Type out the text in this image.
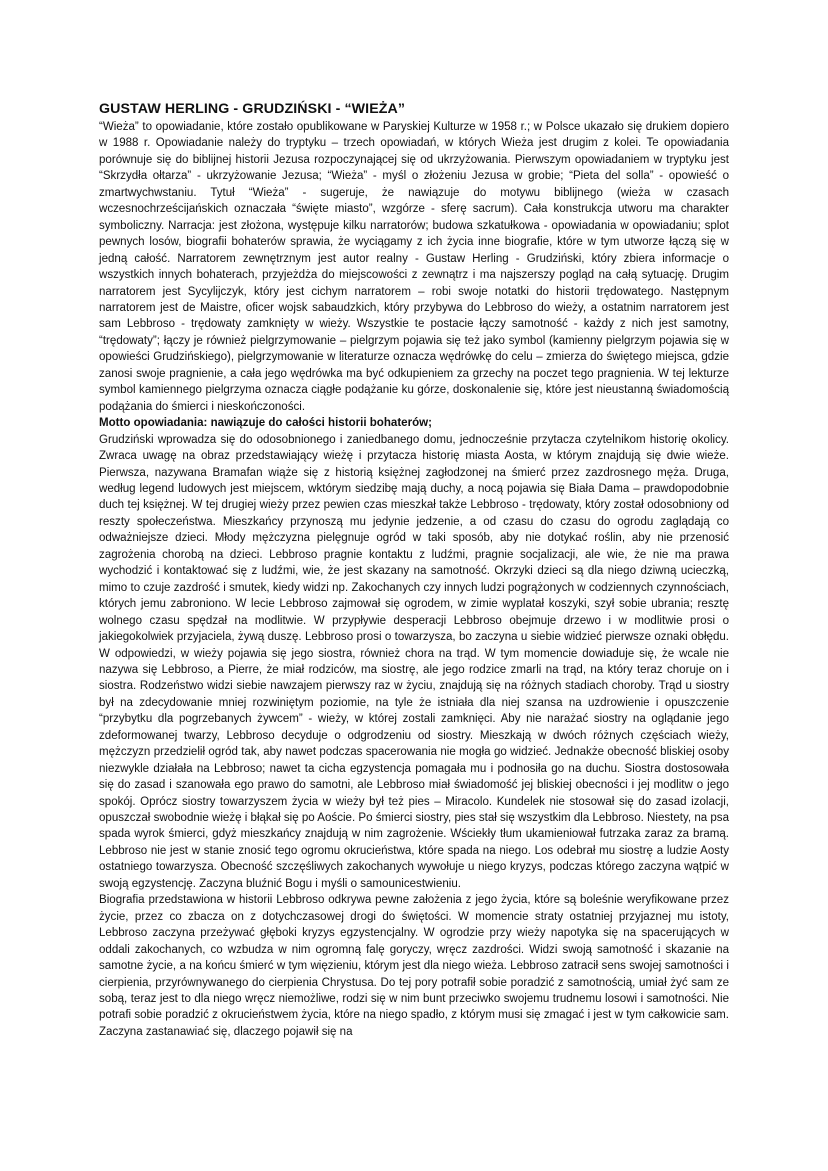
GUSTAW HERLING - GRUDZIŃSKI - “WIEŻA”

“Wieża” to opowiadanie, które zostało opublikowane w Paryskiej Kulturze w 1958 r.; w Polsce ukazało się drukiem dopiero w 1988 r. Opowiadanie należy do tryptyku – trzech opowiadań, w których Wieża jest drugim z kolei. Te opowiadania porównuje się do biblijnej historii Jezusa rozpoczynającej się od ukrzyżowania. Pierwszym opowiadaniem w tryptyku jest “Skrzydła ołtarza” - ukrzyżowanie Jezusa; “Wieża” - myśl o złożeniu Jezusa w grobie; “Pieta del solla” - opowieść o zmartwychwstaniu. Tytuł “Wieża” - sugeruje, że nawiązuje do motywu biblijnego (wieża w czasach wczesnochrześcijańskich oznaczała “święte miasto”, wzgórze - sferę sacrum). Cała konstrukcja utworu ma charakter symboliczny. Narracja: jest złożona, występuje kilku narratorów; budowa szkatułkowa - opowiadania w opowiadaniu; splot pewnych losów, biografii bohaterów sprawia, że wyciągamy z ich życia inne biografie, które w tym utworze łączą się w jedną całość. Narratorem zewnętrznym jest autor realny - Gustaw Herling - Grudziński, który zbiera informacje o wszystkich innych bohaterach, przyjeżdża do miejscowości z zewnątrz i ma najszerszy pogląd na całą sytuację. Drugim narratorem jest Sycylijczyk, który jest cichym narratorem – robi swoje notatki do historii trędowatego. Następnym narratorem jest de Maistre, oficer wojsk sabaudzkich, który przybywa do Lebbroso do wieży, a ostatnim narratorem jest sam Lebbroso - trędowaty zamknięty w wieży. Wszystkie te postacie łączy samotność - każdy z nich jest samotny, “trędowaty”; łączy je również pielgrzymowanie – pielgrzym pojawia się też jako symbol (kamienny pielgrzym pojawia się w opowieści Grudzińskiego), pielgrzymowanie w literaturze oznacza wędrówkę do celu – zmierza do świętego miejsca, gdzie zanosi swoje pragnienie, a cała jego wędrówka ma być odkupieniem za grzechy na poczet tego pragnienia. W tej lekturze symbol kamiennego pielgrzyma oznacza ciągłe podążanie ku górze, doskonalenie się, które jest nieustanną świadomością podążania do śmierci i nieskończoności.

Motto opowiadania: nawiązuje do całości historii bohaterów;

Grudziński wprowadza się do odosobnionego i zaniedbanego domu, jednocześnie przytacza czytelnikom historię okolicy. Zwraca uwagę na obraz przedstawiający wieżę i przytacza historię miasta Aosta, w którym znajdują się dwie wieże. Pierwsza, nazywana Bramafan wiąże się z historią księżnej zagłodzonej na śmierć przez zazdrosnego męża. Druga, według legend ludowych jest miejscem, wktórym siedzibę mają duchy, a nocą pojawia się Biała Dama – prawdopodobnie duch tej księżnej. W tej drugiej wieży przez pewien czas mieszkał także Lebbroso - trędowaty, który został odosobniony od reszty społeczeństwa. Mieszkańcy przynoszą mu jedynie jedzenie, a od czasu do czasu do ogrodu zaglądają co odważniejsze dzieci. Młody mężczyzna pielęgnuje ogród w taki sposób, aby nie dotykać roślin, aby nie przenosić zagrożenia chorobą na dzieci. Lebbroso pragnie kontaktu z ludźmi, pragnie socjalizacji, ale wie, że nie ma prawa wychodzić i kontaktować się z ludźmi, wie, że jest skazany na samotność. Okrzyki dzieci są dla niego dziwną ucieczką, mimo to czuje zazdrość i smutek, kiedy widzi np. Zakochanych czy innych ludzi pogrążonych w codziennych czynnościach, których jemu zabroniono. W lecie Lebbroso zajmował się ogrodem, w zimie wyplatał koszyki, szył sobie ubrania; resztę wolnego czasu spędzał na modlitwie. W przypływie desperacji Lebbroso obejmuje drzewo i w modlitwie prosi o jakiegokolwiek przyjaciela, żywą duszę. Lebbroso prosi o towarzysza, bo zaczyna u siebie widzieć pierwsze oznaki obłędu. W odpowiedzi, w wieży pojawia się jego siostra, również chora na trąd. W tym momencie dowiaduje się, że wcale nie nazywa się Lebbroso, a Pierre, że miał rodziców, ma siostrę, ale jego rodzice zmarli na trąd, na który teraz choruje on i siostra. Rodzeństwo widzi siebie nawzajem pierwszy raz w życiu, znajdują się na różnych stadiach choroby. Trąd u siostry był na zdecydowanie mniej rozwiniętym poziomie, na tyle że istniała dla niej szansa na uzdrowienie i opuszczenie “przybytku dla pogrzebanych żywcem” - wieży, w której zostali zamknięci. Aby nie narażać siostry na oglądanie jego zdeformowanej twarzy, Lebbroso decyduje o odgrodzeniu od siostry. Mieszkają w dwóch różnych częściach wieży, mężczyzn przedzielił ogród tak, aby nawet podczas spacerowania nie mogła go widzieć. Jednakże obecność bliskiej osoby niezwykle działała na Lebbroso; nawet ta cicha egzystencja pomagała mu i podnosiła go na duchu. Siostra dostosowała się do zasad i szanowała ego prawo do samotni, ale Lebbroso miał świadomość jej bliskiej obecności i jej modlitw o jego spokój. Oprócz siostry towarzyszem życia w wieży był też pies – Miracolo. Kundelek nie stosował się do zasad izolacji, opuszczał swobodnie wieżę i błąkał się po Aoście. Po śmierci siostry, pies stał się wszystkim dla Lebbroso. Niestety, na psa spada wyrok śmierci, gdyż mieszkańcy znajdują w nim zagrożenie. Wściekły tłum ukamieniował futrzaka zaraz za bramą. Lebbroso nie jest w stanie znosić tego ogromu okrucieństwa, które spada na niego. Los odebrał mu siostrę a ludzie Aosty ostatniego towarzysza. Obecność szczęśliwych zakochanych wywołuje u niego kryzys, podczas którego zaczyna wątpić w swoją egzystencję. Zaczyna bluźnić Bogu i myśli o samounicestwieniu.

Biografia przedstawiona w historii Lebbroso odkrywa pewne założenia z jego życia, które są boleśnie weryfikowane przez życie, przez co zbacza on z dotychczasowej drogi do świętości. W momencie straty ostatniej przyjaznej mu istoty, Lebbroso zaczyna przeżywać głęboki kryzys egzystencjalny. W ogrodzie przy wieży napotyka się na spacerujących w oddali zakochanych, co wzbudza w nim ogromną falę goryczy, wręcz zazdrości. Widzi swoją samotność i skazanie na samotne życie, a na końcu śmierć w tym więzieniu, którym jest dla niego wieża. Lebbroso zatracił sens swojej samotności i cierpienia, przyrównywanego do cierpienia Chrystusa. Do tej pory potrafił sobie poradzić z samotnością, umiał żyć sam ze sobą, teraz jest to dla niego wręcz niemożliwe, rodzi się w nim bunt przeciwko swojemu trudnemu losowi i samotności. Nie potrafi sobie poradzić z okrucieństwem życia, które na niego spadło, z którym musi się zmagać i jest w tym całkowicie sam. Zaczyna zastanawiać się, dlaczego pojawił się na
